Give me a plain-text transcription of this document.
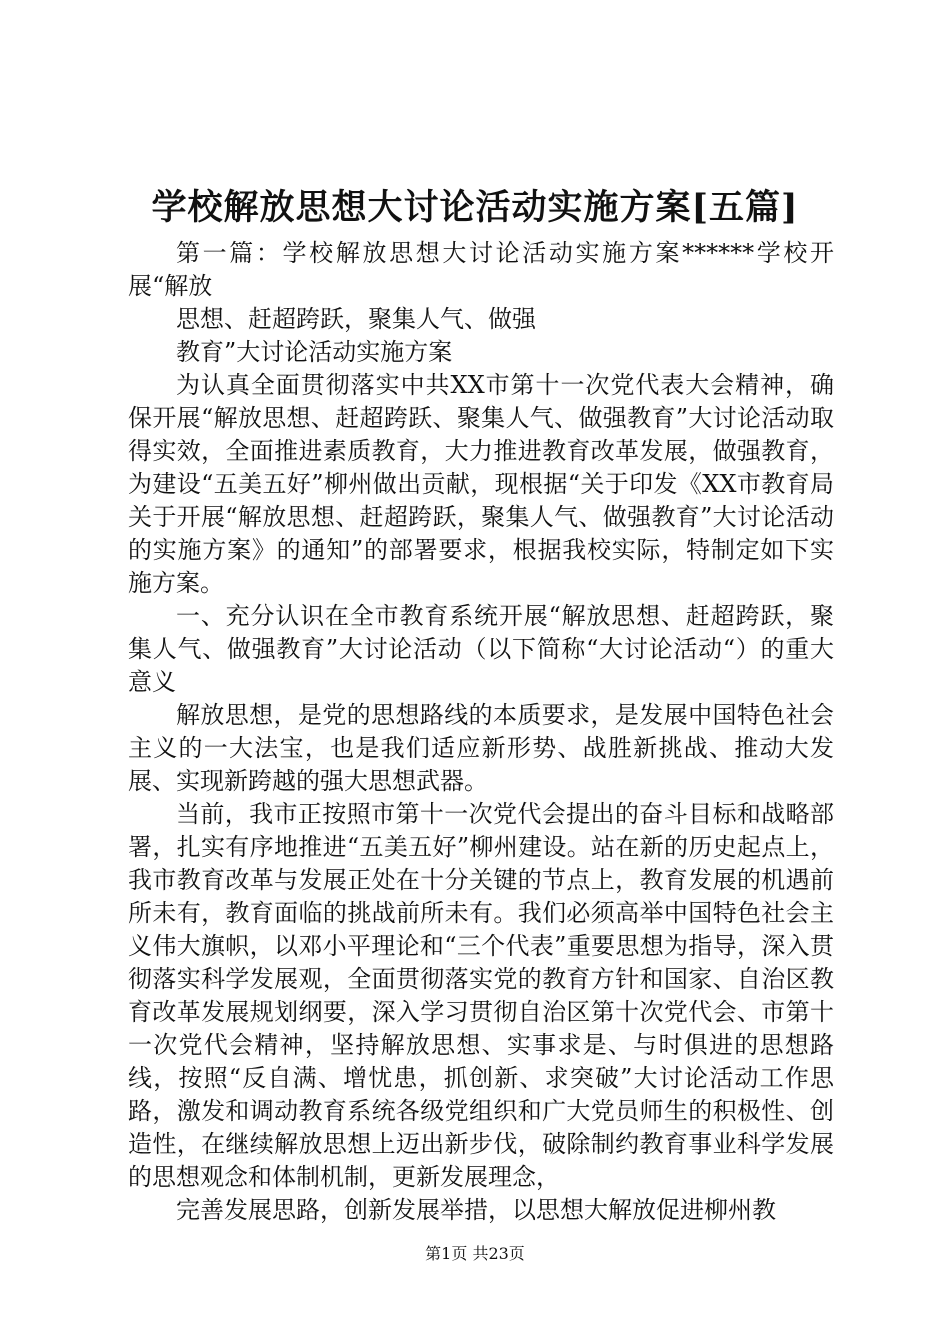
学校解放思想大讨论活动实施方案[五篇]

第一篇：学校解放思想大讨论活动实施方案******学校开展“解放

思想、赶超跨跃，聚集人气、做强

教育”大讨论活动实施方案

为认真全面贯彻落实中共XX市第十一次党代表大会精神，确保开展“解放思想、赶超跨跃、聚集人气、做强教育”大讨论活动取得实效，全面推进素质教育，大力推进教育改革发展，做强教育，为建设“五美五好”柳州做出贡献，现根据“关于印发《XX市教育局关于开展“解放思想、赶超跨跃，聚集人气、做强教育”大讨论活动的实施方案》的通知”的部署要求，根据我校实际，特制定如下实施方案。

一、充分认识在全市教育系统开展“解放思想、赶超跨跃，聚集人气、做强教育”大讨论活动（以下简称“大讨论活动“）的重大意义

解放思想，是党的思想路线的本质要求，是发展中国特色社会主义的一大法宝，也是我们适应新形势、战胜新挑战、推动大发展、实现新跨越的强大思想武器。

当前，我市正按照市第十一次党代会提出的奋斗目标和战略部署，扎实有序地推进“五美五好”柳州建设。站在新的历史起点上，我市教育改革与发展正处在十分关键的节点上，教育发展的机遇前所未有，教育面临的挑战前所未有。我们必须高举中国特色社会主义伟大旗帜，以邓小平理论和“三个代表”重要思想为指导，深入贯彻落实科学发展观，全面贯彻落实党的教育方针和国家、自治区教育改革发展规划纲要，深入学习贯彻自治区第十次党代会、市第十一次党代会精神，坚持解放思想、实事求是、与时俱进的思想路线，按照“反自满、增忧患，抓创新、求突破”大讨论活动工作思路，激发和调动教育系统各级党组织和广大党员师生的积极性、创造性，在继续解放思想上迈出新步伐，破除制约教育事业科学发展的思想观念和体制机制，更新发展理念，

完善发展思路，创新发展举措，以思想大解放促进柳州教

第1页 共23页
